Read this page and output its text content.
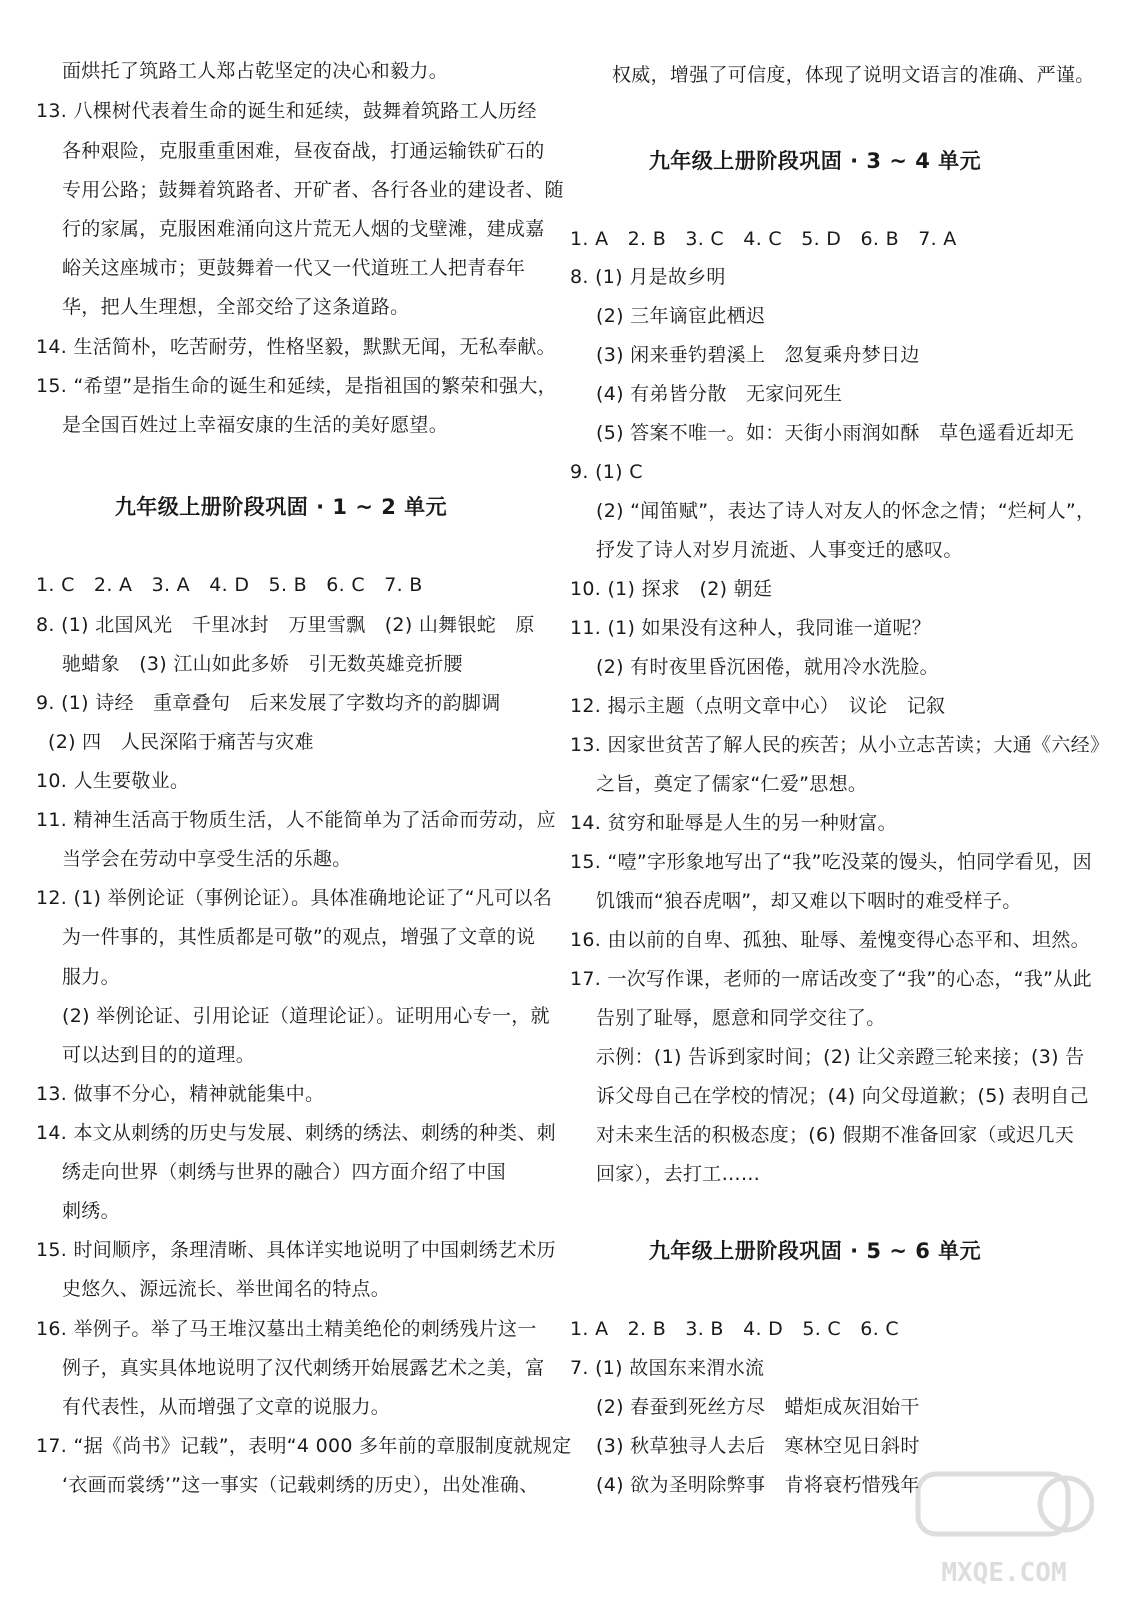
面烘托了筑路工人郑占乾坚定的决心和毅力。
13. 八棵树代表着生命的诞生和延续，鼓舞着筑路工人历经
各种艰险，克服重重困难，昼夜奋战，打通运输铁矿石的
专用公路；鼓舞着筑路者、开矿者、各行各业的建设者、随
行的家属，克服困难涌向这片荒无人烟的戈壁滩，建成嘉
峪关这座城市；更鼓舞着一代又一代道班工人把青春年
华，把人生理想，全部交给了这条道路。
14. 生活简朴，吃苦耐劳，性格坚毅，默默无闻，无私奉献。
15. “希望”是指生命的诞生和延续，是指祖国的繁荣和强大，
是全国百姓过上幸福安康的生活的美好愿望。
九年级上册阶段巩固 · 1 ~ 2 单元
1. C　2. A　3. A　4. D　5. B　6. C　7. B
8. (1) 北国风光　千里冰封　万里雪飘　(2) 山舞银蛇　原
驰蜡象　(3) 江山如此多娇　引无数英雄竞折腰
9. (1) 诗经　重章叠句　后来发展了字数均齐的韵脚调
(2) 四　人民深陷于痛苦与灾难
10. 人生要敬业。
11. 精神生活高于物质生活，人不能简单为了活命而劳动，应
当学会在劳动中享受生活的乐趣。
12. (1) 举例论证（事例论证）。具体准确地论证了“凡可以名
为一件事的，其性质都是可敬”的观点，增强了文章的说
服力。
(2) 举例论证、引用论证（道理论证）。证明用心专一，就
可以达到目的的道理。
13. 做事不分心，精神就能集中。
14. 本文从刺绣的历史与发展、刺绣的绣法、刺绣的种类、刺
绣走向世界（刺绣与世界的融合）四方面介绍了中国
刺绣。
15. 时间顺序，条理清晰、具体详实地说明了中国刺绣艺术历
史悠久、源远流长、举世闻名的特点。
16. 举例子。举了马王堆汉墓出土精美绝伦的刺绣残片这一
例子，真实具体地说明了汉代刺绣开始展露艺术之美，富
有代表性，从而增强了文章的说服力。
17. “据《尚书》记载”，表明“4 000 多年前的章服制度就规定
‘衣画而裳绣’”这一事实（记载刺绣的历史），出处准确、
权威，增强了可信度，体现了说明文语言的准确、严谨。
九年级上册阶段巩固 · 3 ~ 4 单元
1. A　2. B　3. C　4. C　5. D　6. B　7. A
8. (1) 月是故乡明
(2) 三年谪宦此栖迟
(3) 闲来垂钓碧溪上　忽复乘舟梦日边
(4) 有弟皆分散　无家问死生
(5) 答案不唯一。如：天街小雨润如酥　草色遥看近却无
9. (1) C
(2) “闻笛赋”，表达了诗人对友人的怀念之情；“烂柯人”，
抒发了诗人对岁月流逝、人事变迁的感叹。
10. (1) 探求　(2) 朝廷
11. (1) 如果没有这种人，我同谁一道呢？
(2) 有时夜里昏沉困倦，就用冷水洗脸。
12. 揭示主题（点明文章中心）　议论　记叙
13. 因家世贫苦了解人民的疾苦；从小立志苦读；大通《六经》
之旨，奠定了儒家“仁爱”思想。
14. 贫穷和耻辱是人生的另一种财富。
15. “噎”字形象地写出了“我”吃没菜的馒头，怕同学看见，因
饥饿而“狼吞虎咽”，却又难以下咽时的难受样子。
16. 由以前的自卑、孤独、耻辱、羞愧变得心态平和、坦然。
17. 一次写作课，老师的一席话改变了“我”的心态，“我”从此
告别了耻辱，愿意和同学交往了。
示例：(1) 告诉到家时间；(2) 让父亲蹬三轮来接；(3) 告
诉父母自己在学校的情况；(4) 向父母道歉；(5) 表明自己
对未来生活的积极态度；(6) 假期不准备回家（或迟几天
回家），去打工……
九年级上册阶段巩固 · 5 ~ 6 单元
1. A　2. B　3. B　4. D　5. C　6. C
7. (1) 故国东来渭水流
(2) 春蚕到死丝方尽　蜡炬成灰泪始干
(3) 秋草独寻人去后　寒林空见日斜时
(4) 欲为圣明除弊事　肯将衰朽惜残年
MXQE.COM
